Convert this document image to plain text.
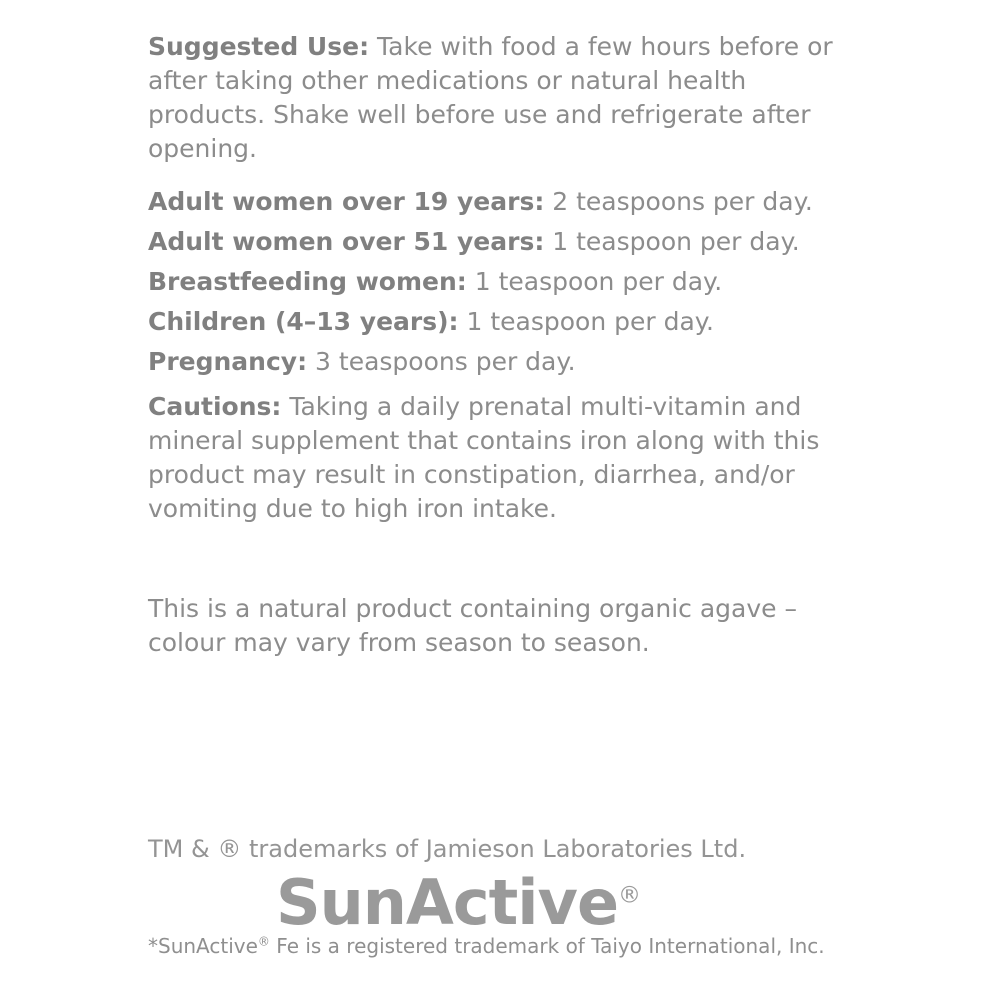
Suggested Use: Take with food a few hours before or after taking other medications or natural health products. Shake well before use and refrigerate after opening.

Adult women over 19 years: 2 teaspoons per day.
Adult women over 51 years: 1 teaspoon per day.
Breastfeeding women: 1 teaspoon per day.
Children (4–13 years): 1 teaspoon per day.
Pregnancy: 3 teaspoons per day.

Cautions: Taking a daily prenatal multi-vitamin and mineral supplement that contains iron along with this product may result in constipation, diarrhea, and/or vomiting due to high iron intake.

This is a natural product containing organic agave – colour may vary from season to season.

TM & ® trademarks of Jamieson Laboratories Ltd.
SunActive®
*SunActive® Fe is a registered trademark of Taiyo International, Inc.
